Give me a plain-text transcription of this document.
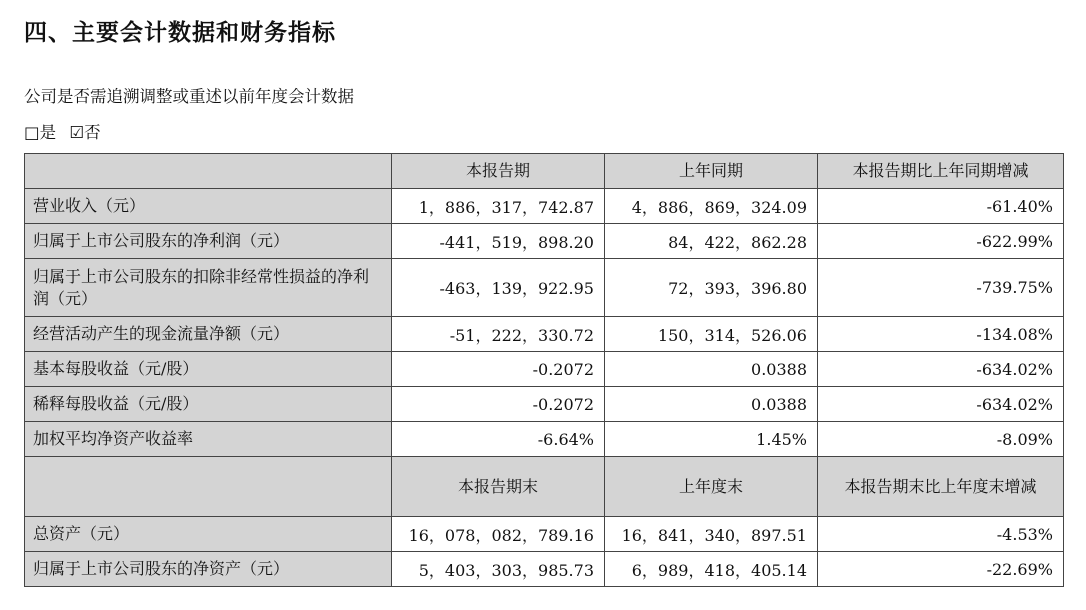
四、主要会计数据和财务指标
公司是否需追溯调整或重述以前年度会计数据
□是 ☑否
	本报告期	上年同期	本报告期比上年同期增减
营业收入（元）	1，886，317，742.87	4，886，869，324.09	-61.40%
归属于上市公司股东的净利润（元）	-441，519，898.20	84，422，862.28	-622.99%
归属于上市公司股东的扣除非经常性损益的净利润（元）	-463，139，922.95	72，393，396.80	-739.75%
经营活动产生的现金流量净额（元）	-51，222，330.72	150，314，526.06	-134.08%
基本每股收益（元/股）	-0.2072	0.0388	-634.02%
稀释每股收益（元/股）	-0.2072	0.0388	-634.02%
加权平均净资产收益率	-6.64%	1.45%	-8.09%
	本报告期末	上年度末	本报告期末比上年度末增减
总资产（元）	16，078，082，789.16	16，841，340，897.51	-4.53%
归属于上市公司股东的净资产（元）	5，403，303，985.73	6，989，418，405.14	-22.69%
